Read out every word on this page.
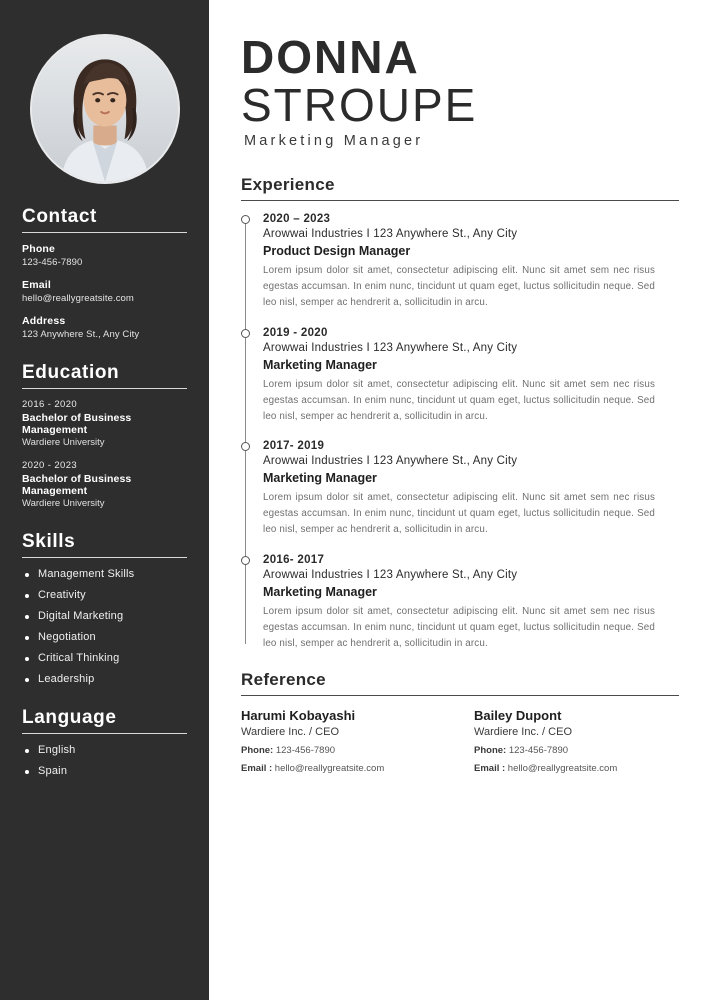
Contact
Phone
123-456-7890
Email
hello@reallygreatsite.com
Address
123 Anywhere St., Any City
Education
2016 - 2020
Bachelor of Business Management
Wardiere University
2020 - 2023
Bachelor of Business Management
Wardiere University
Skills
Management Skills
Creativity
Digital Marketing
Negotiation
Critical Thinking
Leadership
Language
English
Spain
DONNA
STROUPE
Marketing Manager
Experience
2020 – 2023
Arowwai Industries I 123 Anywhere St., Any City
Product Design Manager
Lorem ipsum dolor sit amet, consectetur adipiscing elit. Nunc sit amet sem nec risus egestas accumsan. In enim nunc, tincidunt ut quam eget, luctus sollicitudin neque. Sed leo nisl, semper ac hendrerit a, sollicitudin in arcu.
2019 - 2020
Arowwai Industries I 123 Anywhere St., Any City
Marketing Manager
Lorem ipsum dolor sit amet, consectetur adipiscing elit. Nunc sit amet sem nec risus egestas accumsan. In enim nunc, tincidunt ut quam eget, luctus sollicitudin neque. Sed leo nisl, semper ac hendrerit a, sollicitudin in arcu.
2017- 2019
Arowwai Industries I 123 Anywhere St., Any City
Marketing Manager
Lorem ipsum dolor sit amet, consectetur adipiscing elit. Nunc sit amet sem nec risus egestas accumsan. In enim nunc, tincidunt ut quam eget, luctus sollicitudin neque. Sed leo nisl, semper ac hendrerit a, sollicitudin in arcu.
2016- 2017
Arowwai Industries I 123 Anywhere St., Any City
Marketing Manager
Lorem ipsum dolor sit amet, consectetur adipiscing elit. Nunc sit amet sem nec risus egestas accumsan. In enim nunc, tincidunt ut quam eget, luctus sollicitudin neque. Sed leo nisl, semper ac hendrerit a, sollicitudin in arcu.
Reference
Harumi Kobayashi
Wardiere Inc. / CEO
Phone: 123-456-7890
Email : hello@reallygreatsite.com
Bailey Dupont
Wardiere Inc. / CEO
Phone: 123-456-7890
Email : hello@reallygreatsite.com
